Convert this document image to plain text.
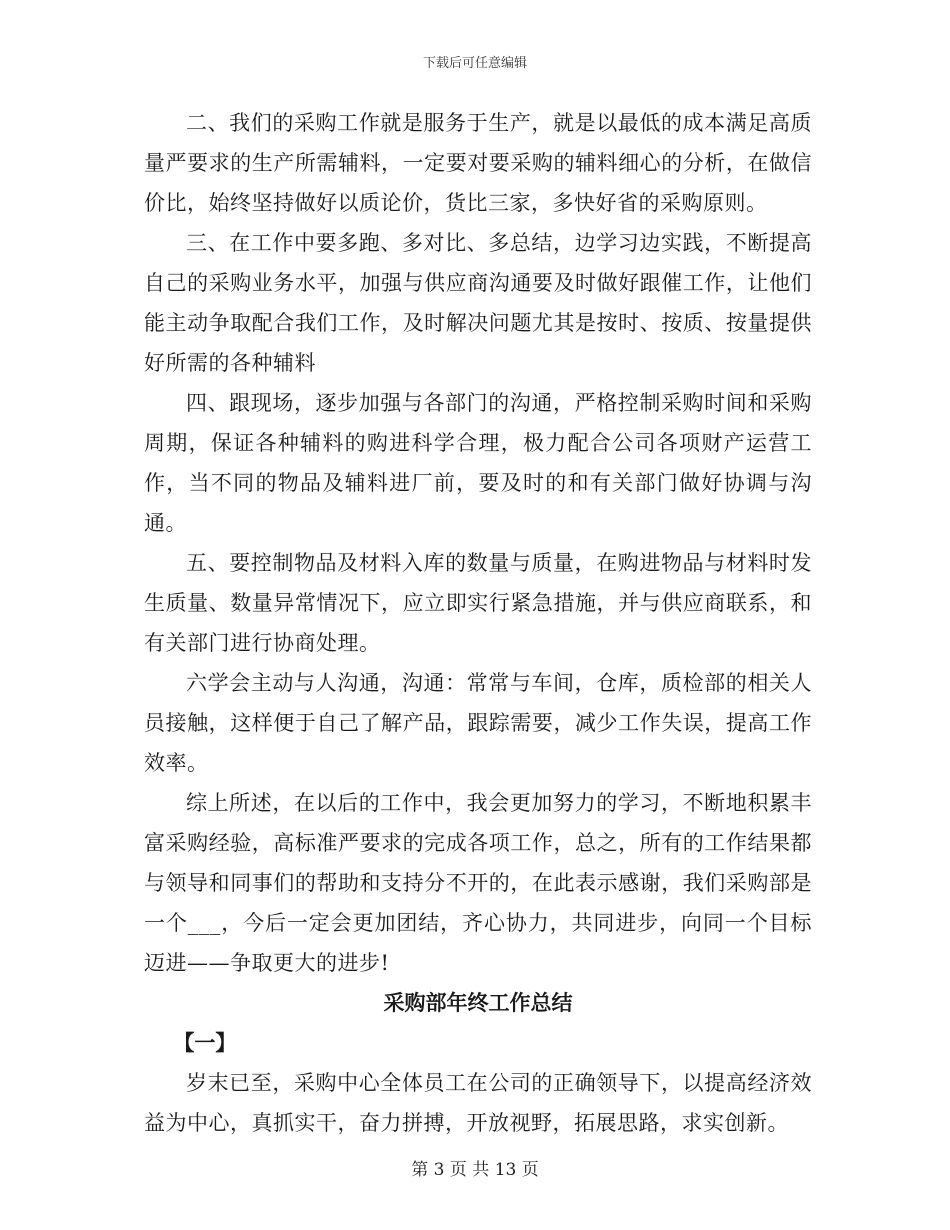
下载后可任意编辑

二、我们的采购工作就是服务于生产，就是以最低的成本满足高质量严要求的生产所需辅料，一定要对要采购的辅料细心的分析，在做信价比，始终坚持做好以质论价，货比三家，多快好省的采购原则。

三、在工作中要多跑、多对比、多总结，边学习边实践，不断提高自己的采购业务水平，加强与供应商沟通要及时做好跟催工作，让他们能主动争取配合我们工作，及时解决问题尤其是按时、按质、按量提供好所需的各种辅料

四、跟现场，逐步加强与各部门的沟通，严格控制采购时间和采购周期，保证各种辅料的购进科学合理，极力配合公司各项财产运营工作，当不同的物品及辅料进厂前，要及时的和有关部门做好协调与沟通。

五、要控制物品及材料入库的数量与质量，在购进物品与材料时发生质量、数量异常情况下，应立即实行紧急措施，并与供应商联系，和有关部门进行协商处理。

六学会主动与人沟通，沟通：常常与车间，仓库，质检部的相关人员接触，这样便于自己了解产品，跟踪需要，减少工作失误，提高工作效率。

综上所述，在以后的工作中，我会更加努力的学习，不断地积累丰富采购经验，高标准严要求的完成各项工作，总之，所有的工作结果都与领导和同事们的帮助和支持分不开的，在此表示感谢，我们采购部是一个___，今后一定会更加团结，齐心协力，共同进步，向同一个目标迈进——争取更大的进步!

采购部年终工作总结

【一】

岁末已至，采购中心全体员工在公司的正确领导下，以提高经济效益为中心，真抓实干，奋力拼搏，开放视野，拓展思路，求实创新。

第 3 页 共 13 页
